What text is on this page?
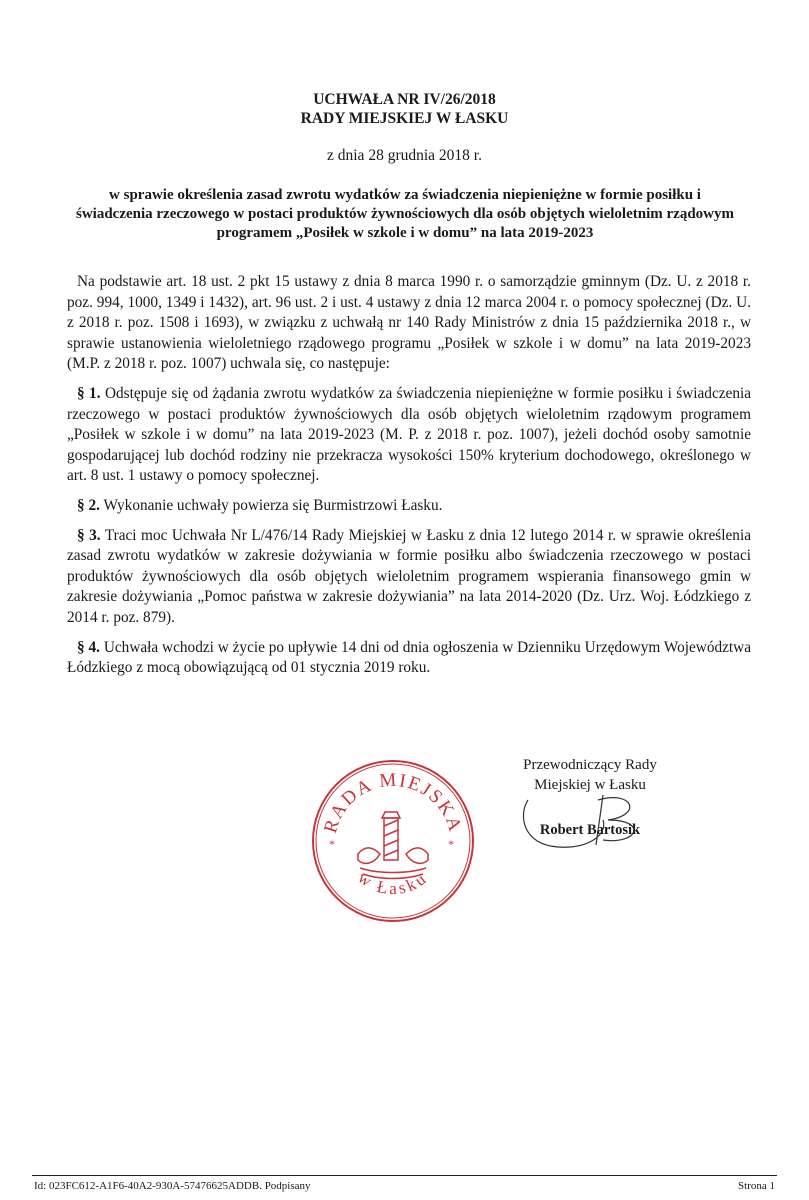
UCHWAŁA NR IV/26/2018
RADY MIEJSKIEJ W ŁASKU
z dnia 28 grudnia 2018 r.
w sprawie określenia zasad zwrotu wydatków za świadczenia niepieniężne w formie posiłku i świadczenia rzeczowego w postaci produktów żywnościowych dla osób objętych wieloletnim rządowym programem „Posiłek w szkole i w domu” na lata 2019-2023

Na podstawie art. 18 ust. 2 pkt 15 ustawy z dnia 8 marca 1990 r. o samorządzie gminnym (Dz. U. z 2018 r. poz. 994, 1000, 1349 i 1432), art. 96 ust. 2 i ust. 4 ustawy z dnia 12 marca 2004 r. o pomocy społecznej (Dz. U. z 2018 r. poz. 1508 i 1693), w związku z uchwałą nr 140 Rady Ministrów z dnia 15 października 2018 r., w sprawie ustanowienia wieloletniego rządowego programu „Posiłek w szkole i w domu” na lata 2019-2023 (M.P. z 2018 r. poz. 1007) uchwala się, co następuje:

§ 1. Odstępuje się od żądania zwrotu wydatków za świadczenia niepieniężne w formie posiłku i świadczenia rzeczowego w postaci produktów żywnościowych dla osób objętych wieloletnim rządowym programem „Posiłek w szkole i w domu” na lata 2019-2023 (M. P. z 2018 r. poz. 1007), jeżeli dochód osoby samotnie gospodarującej lub dochód rodziny nie przekracza wysokości 150% kryterium dochodowego, określonego w art. 8 ust. 1 ustawy o pomocy społecznej.

§ 2. Wykonanie uchwały powierza się Burmistrzowi Łasku.

§ 3. Traci moc Uchwała Nr L/476/14 Rady Miejskiej w Łasku z dnia 12 lutego 2014 r. w sprawie określenia zasad zwrotu wydatków w zakresie dożywiania w formie posiłku albo świadczenia rzeczowego w postaci produktów żywnościowych dla osób objętych wieloletnim programem wspierania finansowego gmin w zakresie dożywiania „Pomoc państwa w zakresie dożywiania” na lata 2014-2020 (Dz. Urz. Woj. Łódzkiego z 2014 r. poz. 879).

§ 4. Uchwała wchodzi w życie po upływie 14 dni od dnia ogłoszenia w Dzienniku Urzędowym Województwa Łódzkiego z mocą obowiązującą od 01 stycznia 2019 roku.

RADA MIEJSKA
w Łasku
*	*
Przewodniczący Rady
Miejskiej w Łasku
Robert Bartosik
Id: 023FC612-A1F6-40A2-930A-57476625ADDB. Podpisany	Strona 1
